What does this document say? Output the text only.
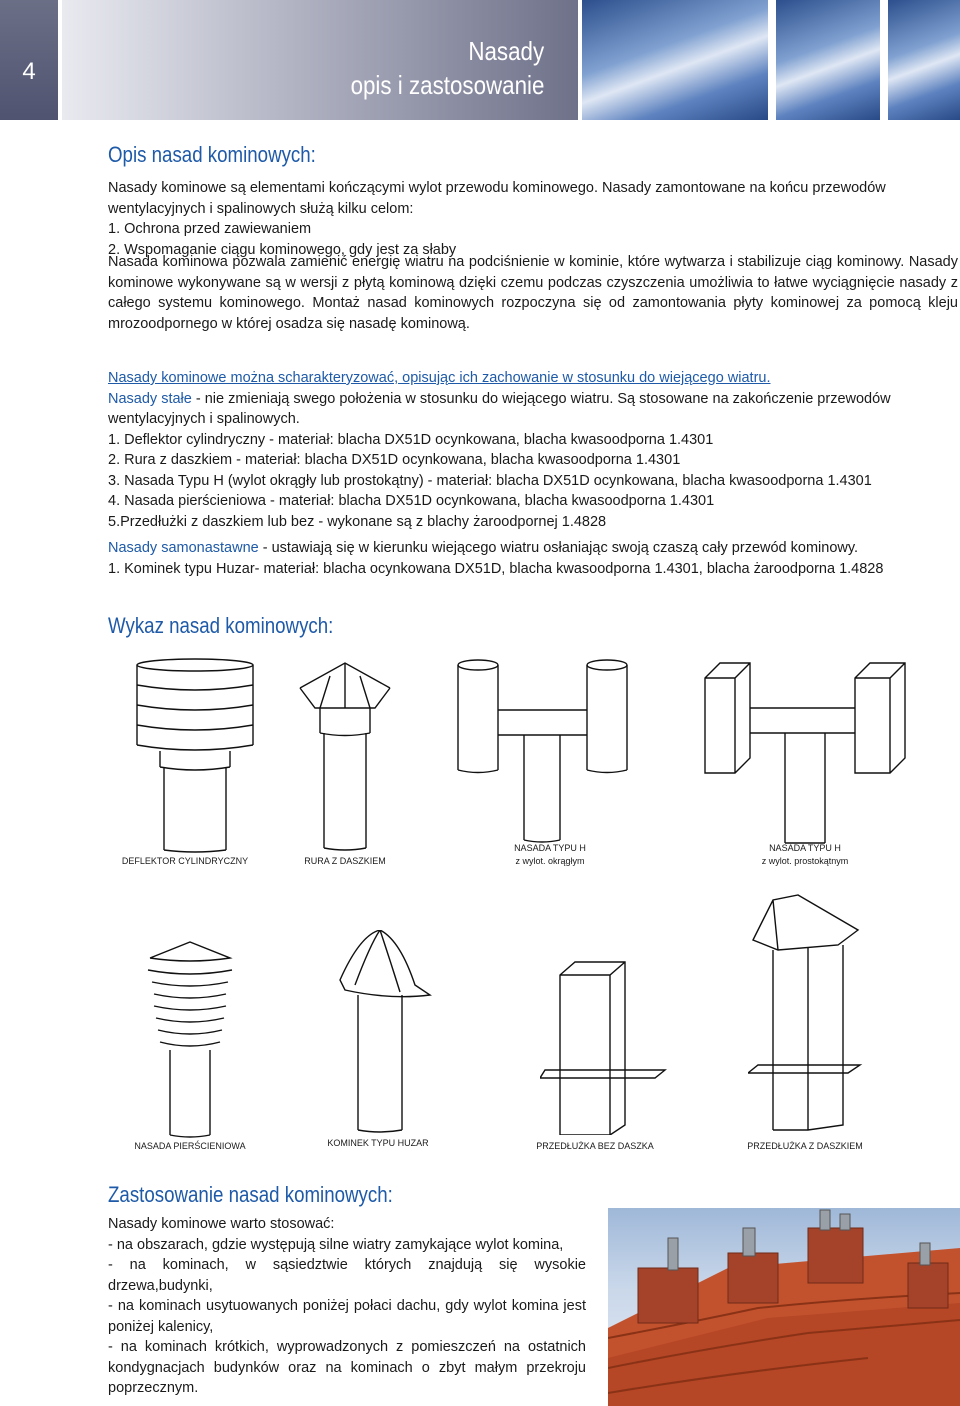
4
Nasady
opis i zastosowanie
Opis nasad kominowych:

Nasady kominowe są elementami kończącymi wylot przewodu kominowego. Nasady zamontowane na końcu przewodów wentylacyjnych i spalinowych służą kilku celom:

1. Ochrona przed zawiewaniem

2. Wspomaganie ciągu kominowego, gdy jest za słaby

Nasada kominowa pozwala zamienić energię wiatru na podciśnienie w kominie, które wytwarza i stabilizuje ciąg kominowy. Nasady kominowe wykonywane są w wersji z płytą kominową dzięki czemu podczas czyszczenia umożliwia to łatwe wyciągnięcie nasady z całego systemu kominowego. Montaż nasad kominowych rozpoczyna się od zamontowania płyty kominowej za pomocą kleju mrozoodpornego w której osadza się nasadę kominową.

Nasady kominowe można scharakteryzować, opisując ich zachowanie w stosunku do wiejącego wiatru.

Nasady stałe - nie zmieniają swego położenia w stosunku do wiejącego wiatru. Są stosowane na zakończenie przewodów wentylacyjnych i spalinowych.

1. Deflektor cylindryczny - materiał: blacha DX51D ocynkowana, blacha kwasoodporna 1.4301

2. Rura z daszkiem - materiał: blacha DX51D ocynkowana, blacha kwasoodporna 1.4301

3. Nasada Typu H (wylot okrągły lub prostokątny) - materiał: blacha DX51D ocynkowana, blacha kwasoodporna 1.4301

4. Nasada pierścieniowa - materiał: blacha DX51D ocynkowana, blacha kwasoodporna 1.4301

5.Przedłużki z daszkiem lub bez - wykonane są z blachy żaroodpornej 1.4828

Nasady samonastawne - ustawiają się w kierunku wiejącego wiatru osłaniając swoją czaszą cały przewód kominowy.

1. Kominek typu Huzar- materiał: blacha ocynkowana DX51D, blacha kwasoodporna 1.4301, blacha żaroodporna 1.4828

Wykaz nasad kominowych:
DEFLEKTOR CYLINDRYCZNY	RURA Z DASZKIEM
NASADA TYPU H
z wylot. okrągłym
NASADA TYPU H
z wylot. prostokątnym
NASADA PIERŚCIENIOWA	KOMINEK TYPU HUZAR	PRZEDŁUŻKA BEZ DASZKA	PRZEDŁUŻKA Z DASZKIEM
Zastosowanie nasad kominowych:

Nasady kominowe warto stosować:

- na obszarach, gdzie występują silne wiatry zamykające wylot komina,

- na kominach, w sąsiedztwie których znajdują się wysokie drzewa,budynki,

- na kominach usytuowanych poniżej połaci dachu, gdy wylot komina jest poniżej kalenicy,

- na kominach krótkich, wyprowadzonych z pomieszczeń na ostatnich kondygnacjach budynków oraz na kominach o zbyt małym przekroju poprzecznym.
